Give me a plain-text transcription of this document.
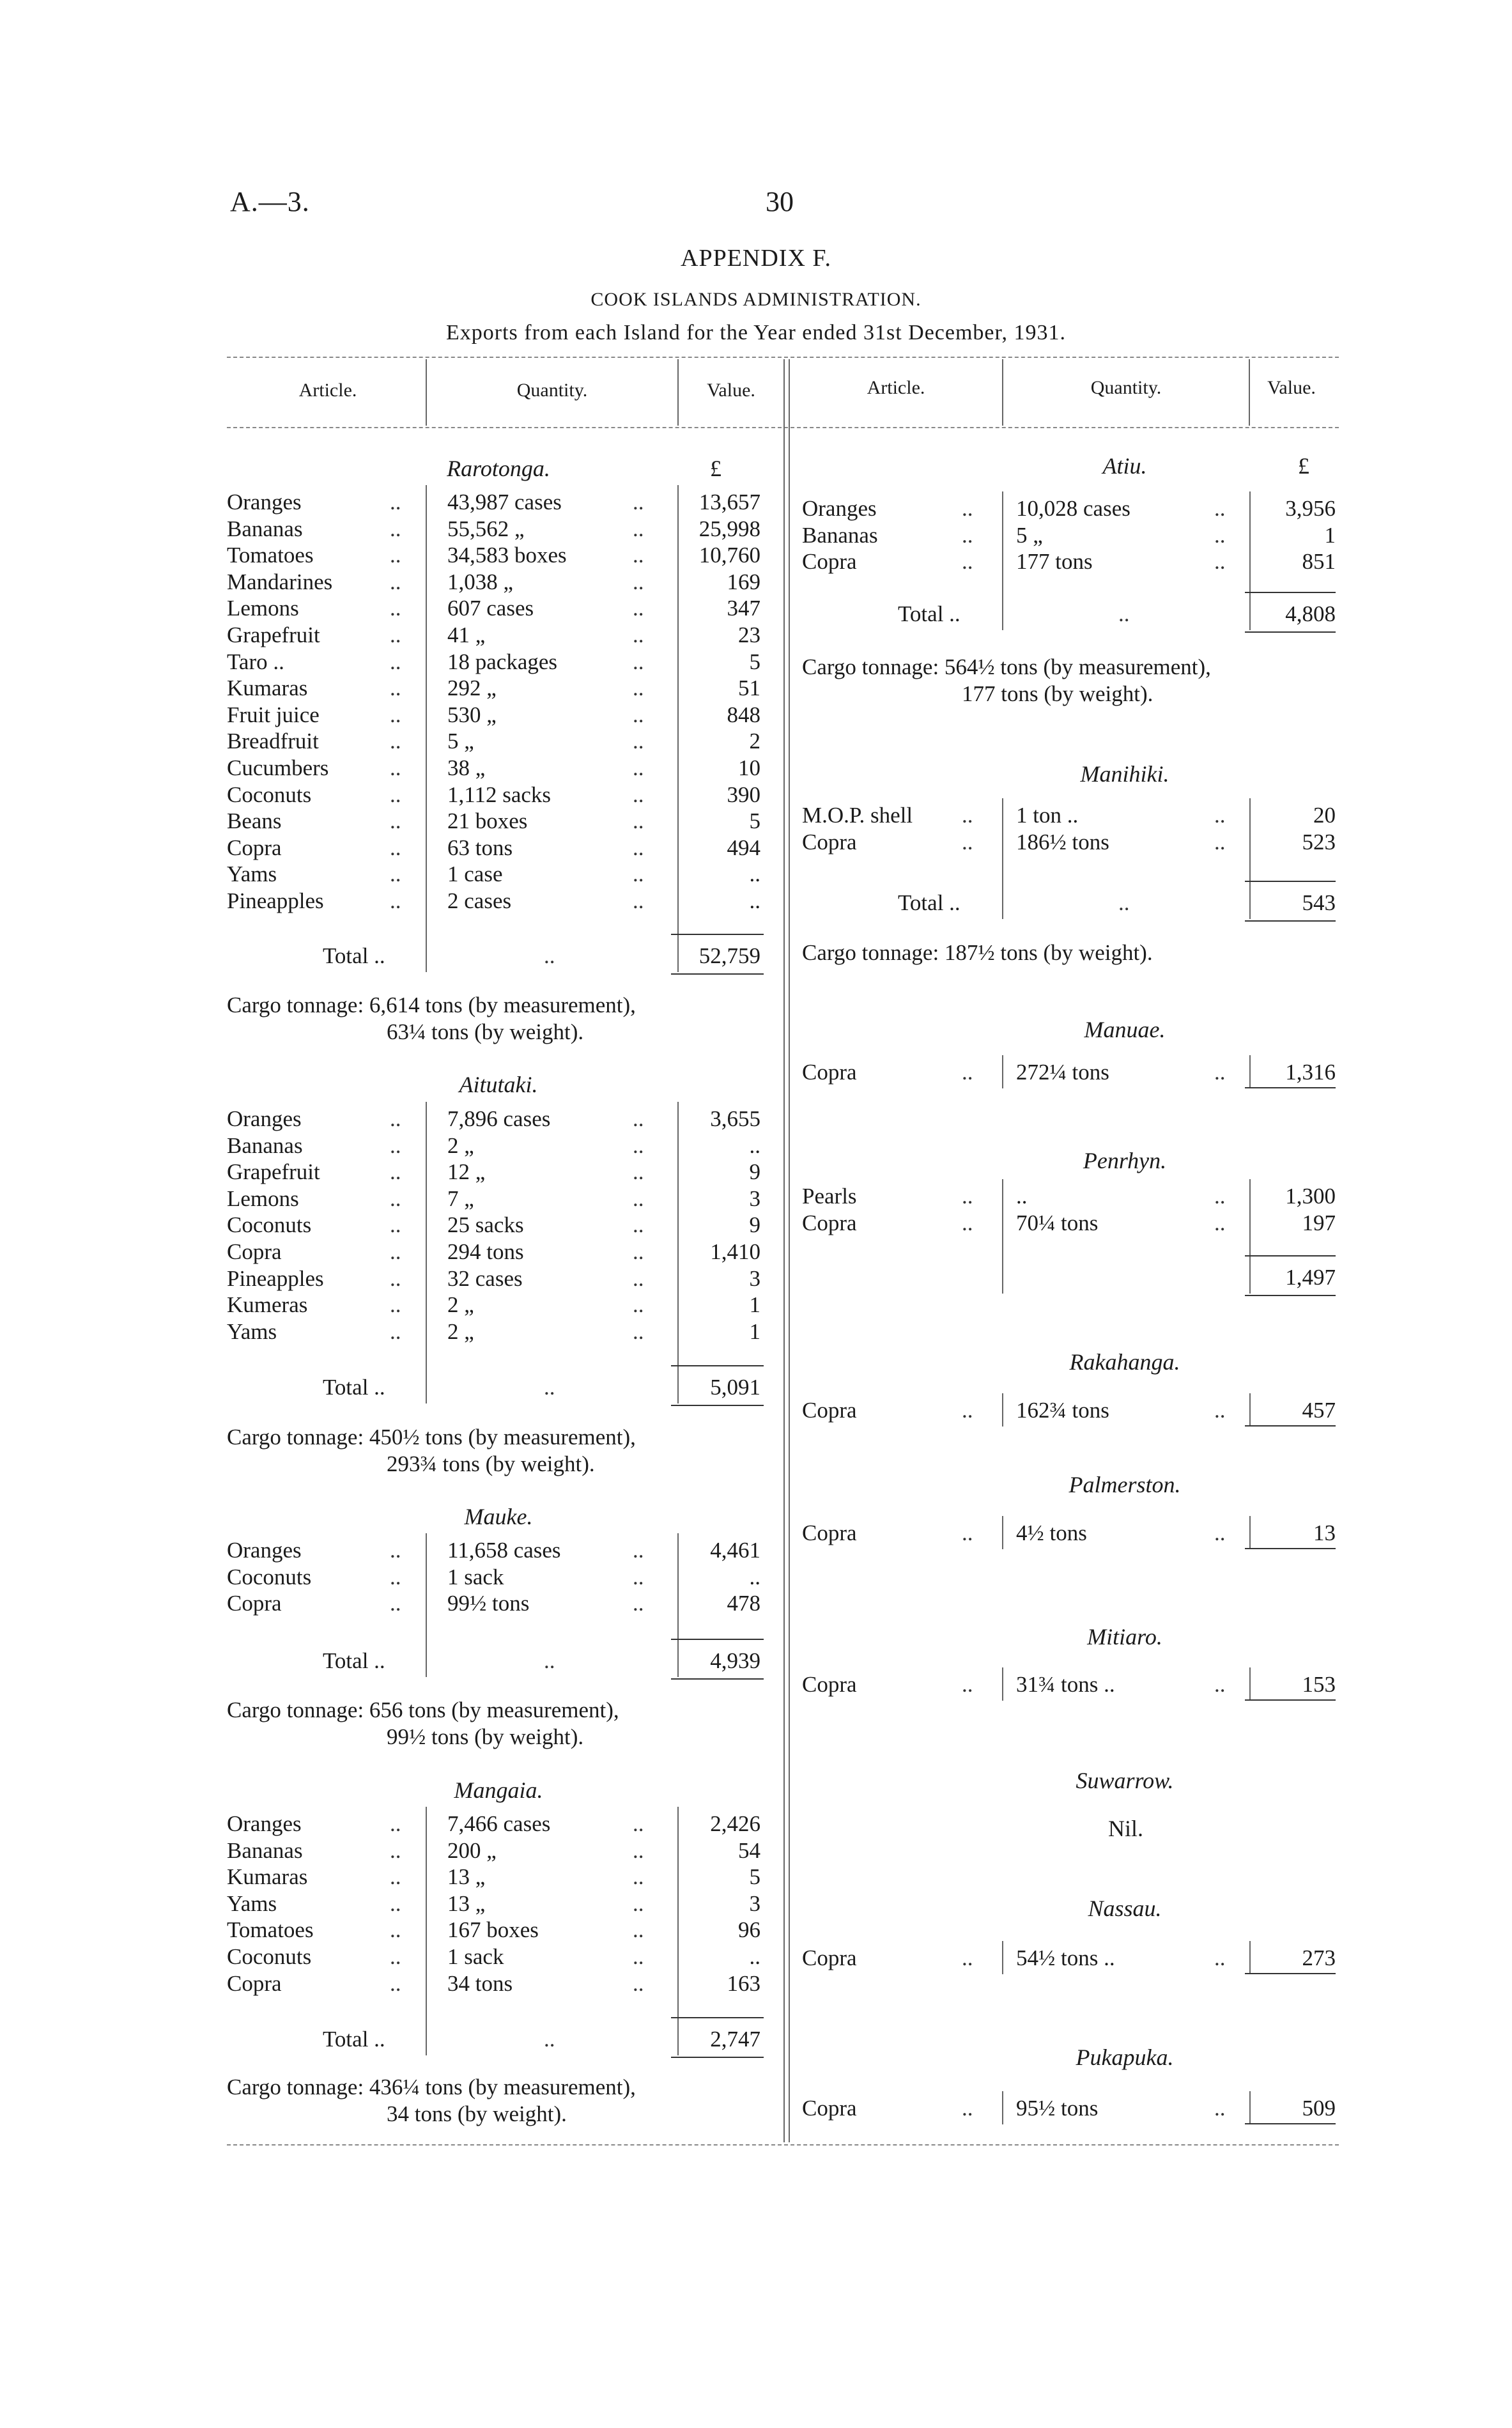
A.—3.	30
APPENDIX F.
COOK ISLANDS ADMINISTRATION.
Exports from each Island for the Year ended 31st December, 1931.
Article.	Quantity.	Value.	Article.	Quantity.	Value.
Rarotonga.	£
Oranges	.. 43,987 cases	..	13,657
Bananas	.. 55,562 „	..	25,998
Tomatoes	.. 34,583 boxes	..	10,760
Mandarines	.. 1,038 „	..	169
Lemons	.. 607 cases	..	347
Grapefruit	.. 41 „	..	23
Taro ..	.. 18 packages	..	5
Kumaras	.. 292 „	..	51
Fruit juice	.. 530 „	..	848
Breadfruit	.. 5 „	..	2
Cucumbers	.. 38 „	..	10
Coconuts	.. 1,112 sacks	..	390
Beans	.. 21 boxes	..	5
Copra	.. 63 tons	..	494
Yams	.. 1 case	..	..
Pineapples	.. 2 cases	..	..
Total ..	..	52,759
Cargo tonnage: 6,614 tons (by measurement),
63¼ tons (by weight).
Aitutaki.
Oranges	.. 7,896 cases	..	3,655
Bananas	.. 2 „	..	..
Grapefruit	.. 12 „	..	9
Lemons	.. 7 „	..	3
Coconuts	.. 25 sacks	..	9
Copra	.. 294 tons	..	1,410
Pineapples	.. 32 cases	..	3
Kumeras	.. 2 „	..	1
Yams	.. 2 „	..	1
Total ..	..	5,091
Cargo tonnage: 450½ tons (by measurement),
293¾ tons (by weight).
Mauke.
Oranges	.. 11,658 cases	..	4,461
Coconuts	.. 1 sack	..	..
Copra	.. 99½ tons	..	478
Total ..	..	4,939
Cargo tonnage: 656 tons (by measurement),
99½ tons (by weight).
Mangaia.
Oranges	.. 7,466 cases	..	2,426
Bananas	.. 200 „	..	54
Kumaras	.. 13 „	..	5
Yams	.. 13 „	..	3
Tomatoes	.. 167 boxes	..	96
Coconuts	.. 1 sack	..	..
Copra	.. 34 tons	..	163
Total ..	..	2,747
Cargo tonnage: 436¼ tons (by measurement),
34 tons (by weight).
Atiu.	£
Oranges	.. 10,028 cases	..	3,956
Bananas	.. 5 „	..	1
Copra	.. 177 tons	..	851
Total ..	..	4,808
Cargo tonnage: 564½ tons (by measurement),
177 tons (by weight).
Manihiki.
M.O.P. shell .. 1 ton ..	..	20
Copra	.. 186½ tons	..	523
Total ..	..	543
Cargo tonnage: 187½ tons (by weight).
Manuae.
Copra	.. 272¼ tons	..	1,316
Penrhyn.
Pearls	.. ..	..	1,300
Copra	.. 70¼ tons	..	197
1,497
Rakahanga.
Copra	.. 162¾ tons	..	457
Palmerston.
Copra	.. 4½ tons	..	13
Mitiaro.
Copra	.. 31¾ tons ..	..	153
Suwarrow.
Nil.
Nassau.
Copra	.. 54½ tons ..	..	273
Pukapuka.
Copra	.. 95½ tons	..	509
